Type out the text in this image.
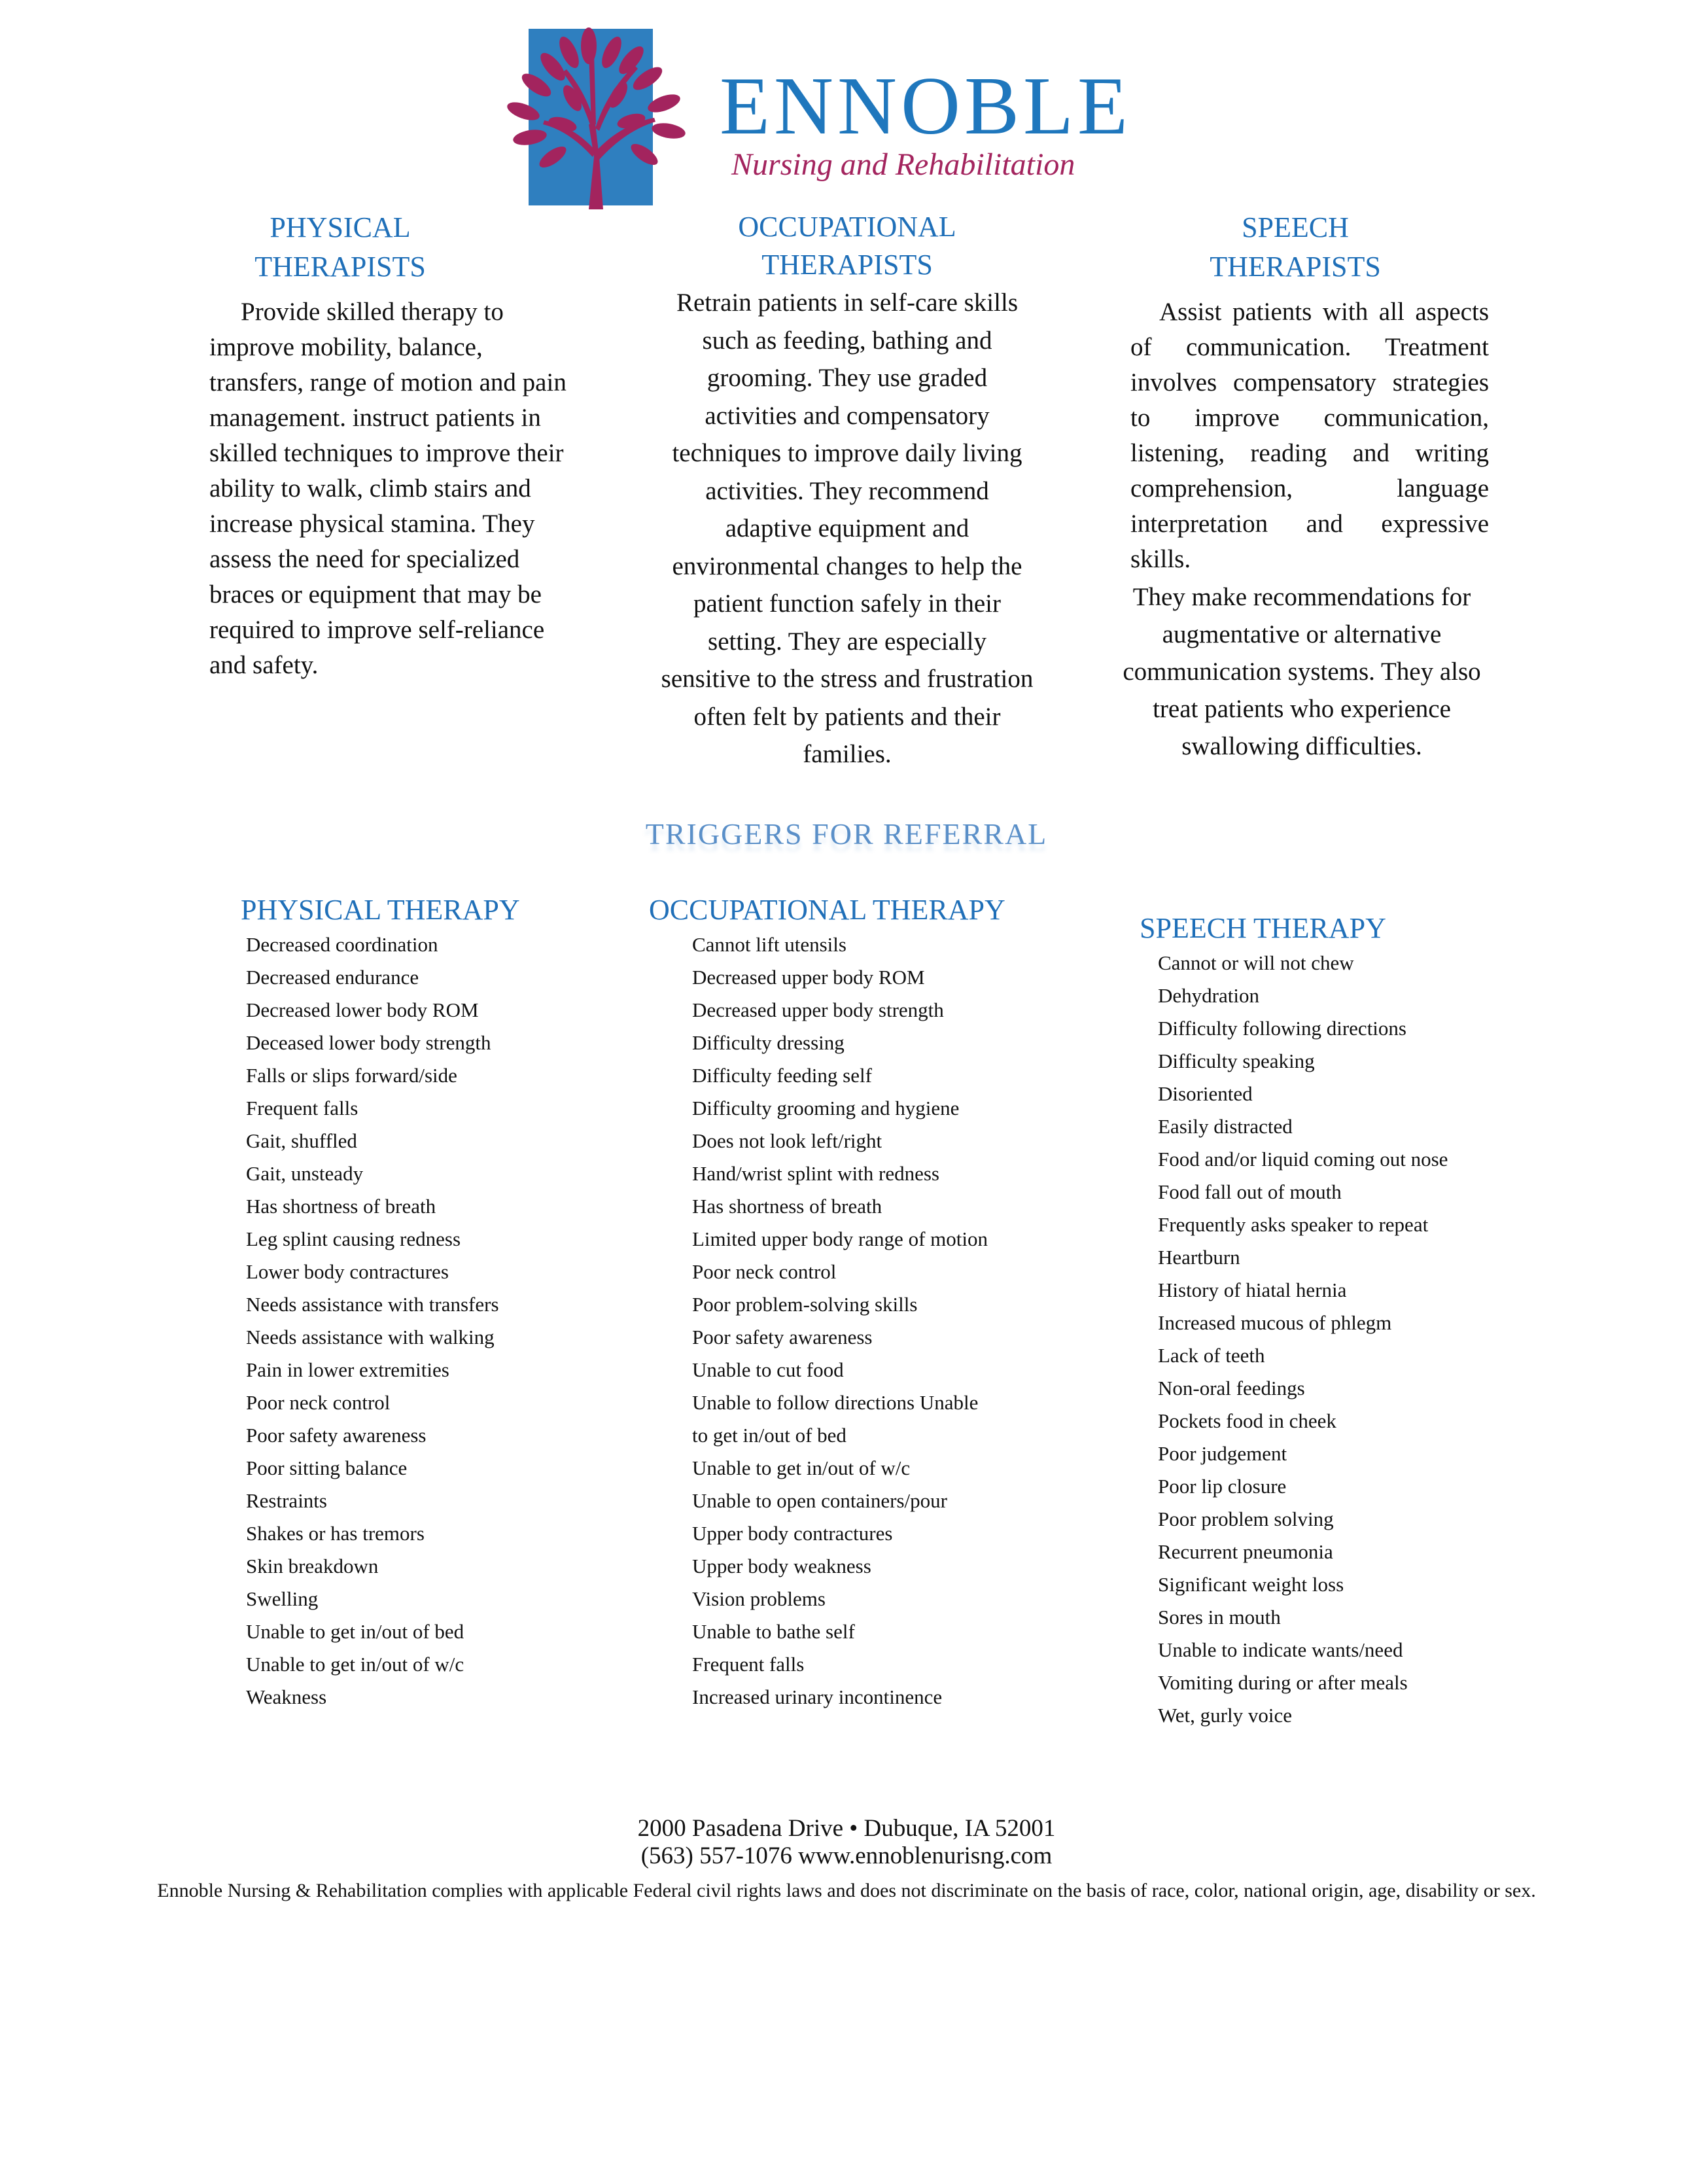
ENNOBLE
Nursing and Rehabilitation

PHYSICAL
THERAPISTS

Provide skilled therapy to improve mobility, balance, transfers, range of motion and pain management. instruct patients in skilled techniques to improve their ability to walk, climb stairs and increase physical stamina. They assess the need for specialized braces or equipment that may be required to improve self-reliance and safety.

OCCUPATIONAL
THERAPISTS

Retrain patients in self-care skills such as feeding, bathing and grooming. They use graded activities and compensatory techniques to improve daily living activities. They recommend adaptive equipment and environmental changes to help the patient function safely in their setting. They are especially sensitive to the stress and frustration often felt by patients and their families.

SPEECH
THERAPISTS

Assist patients with all aspects of communication. Treatment involves compensatory strategies to improve communication, listening, reading and writing comprehension, language interpretation and expressive skills.

They make recommendations for augmentative or alternative communication systems. They also treat patients who experience swallowing difficulties.

TRIGGERS FOR REFERRAL

PHYSICAL THERAPY

Decreased coordination
Decreased endurance
Decreased lower body ROM
Deceased lower body strength
Falls or slips forward/side
Frequent falls
Gait, shuffled
Gait, unsteady
Has shortness of breath
Leg splint causing redness
Lower body contractures
Needs assistance with transfers
Needs assistance with walking
Pain in lower extremities
Poor neck control
Poor safety awareness
Poor sitting balance
Restraints
Shakes or has tremors
Skin breakdown
Swelling
Unable to get in/out of bed
Unable to get in/out of w/c
Weakness

OCCUPATIONAL THERAPY

Cannot lift utensils
Decreased upper body ROM
Decreased upper body strength
Difficulty dressing
Difficulty feeding self
Difficulty grooming and hygiene
Does not look left/right
Hand/wrist splint with redness
Has shortness of breath
Limited upper body range of motion
Poor neck control
Poor problem-solving skills
Poor safety awareness
Unable to cut food
Unable to follow directions Unable
to get in/out of bed
Unable to get in/out of w/c
Unable to open containers/pour
Upper body contractures
Upper body weakness
Vision problems
Unable to bathe self
Frequent falls
Increased urinary incontinence

SPEECH THERAPY

Cannot or will not chew
Dehydration
Difficulty following directions
Difficulty speaking
Disoriented
Easily distracted
Food and/or liquid coming out nose
Food fall out of mouth
Frequently asks speaker to repeat
Heartburn
History of hiatal hernia
Increased mucous of phlegm
Lack of teeth
Non-oral feedings
Pockets food in cheek
Poor judgement
Poor lip closure
Poor problem solving
Recurrent pneumonia
Significant weight loss
Sores in mouth
Unable to indicate wants/need
Vomiting during or after meals
Wet, gurly voice

2000 Pasadena Drive • Dubuque, IA 52001

(563) 557-1076 www.ennoblenurisng.com

Ennoble Nursing & Rehabilitation complies with applicable Federal civil rights laws and does not discriminate on the basis of race, color, national origin, age, disability or sex.
